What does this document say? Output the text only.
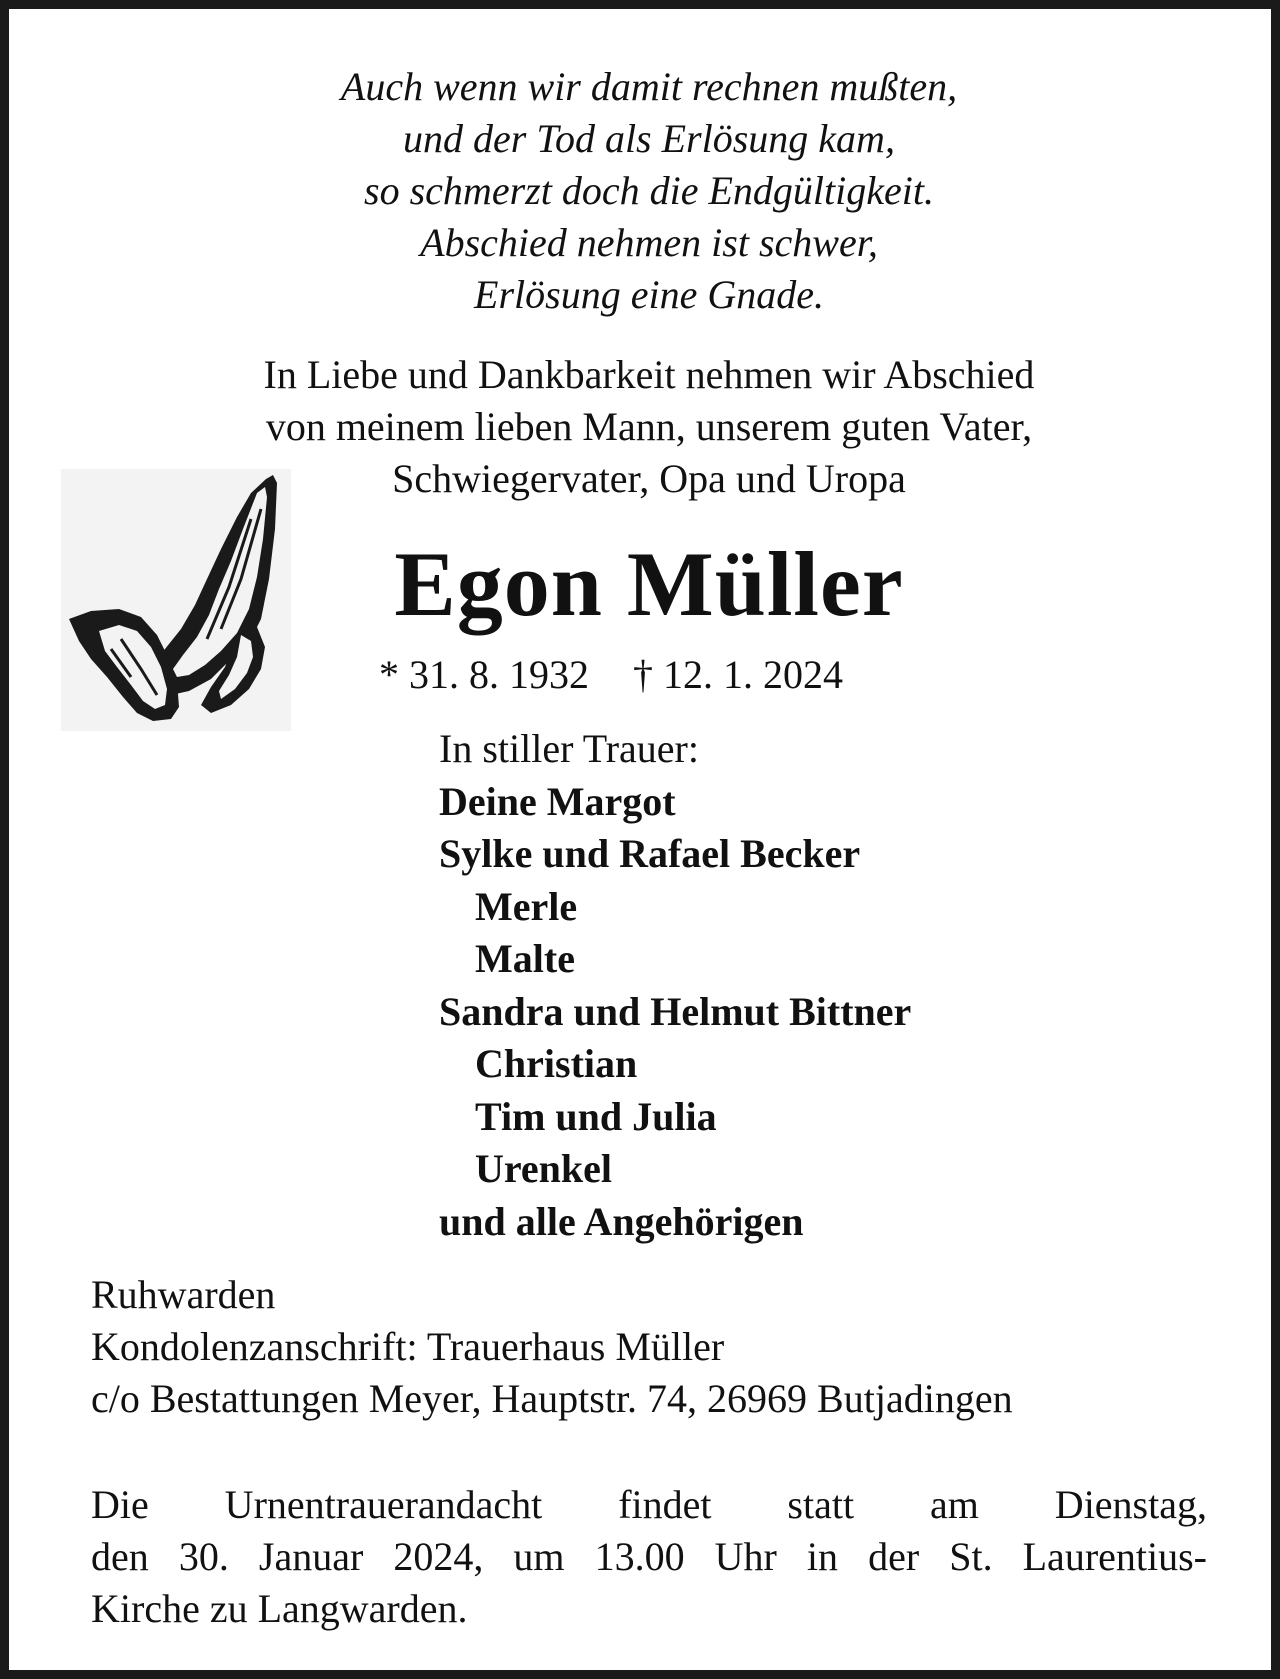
Auch wenn wir damit rechnen mußten,
und der Tod als Erlösung kam,
so schmerzt doch die Endgültigkeit.
Abschied nehmen ist schwer,
Erlösung eine Gnade.
In Liebe und Dankbarkeit nehmen wir Abschied
von meinem lieben Mann, unserem guten Vater,
Schwiegervater, Opa und Uropa
Egon Müller
* 31. 8. 1932 † 12. 1. 2024
In stiller Trauer:
Deine Margot
Sylke und Rafael Becker
Merle
Malte
Sandra und Helmut Bittner
Christian
Tim und Julia
Urenkel
und alle Angehörigen
Ruhwarden
Kondolenzanschrift: Trauerhaus Müller
c/o Bestattungen Meyer, Hauptstr. 74, 26969 Butjadingen
Die Urnentrauerandacht findet statt am Dienstag,
den 30. Januar 2024, um 13.00 Uhr in der St. Laurentius-
Kirche zu Langwarden.
